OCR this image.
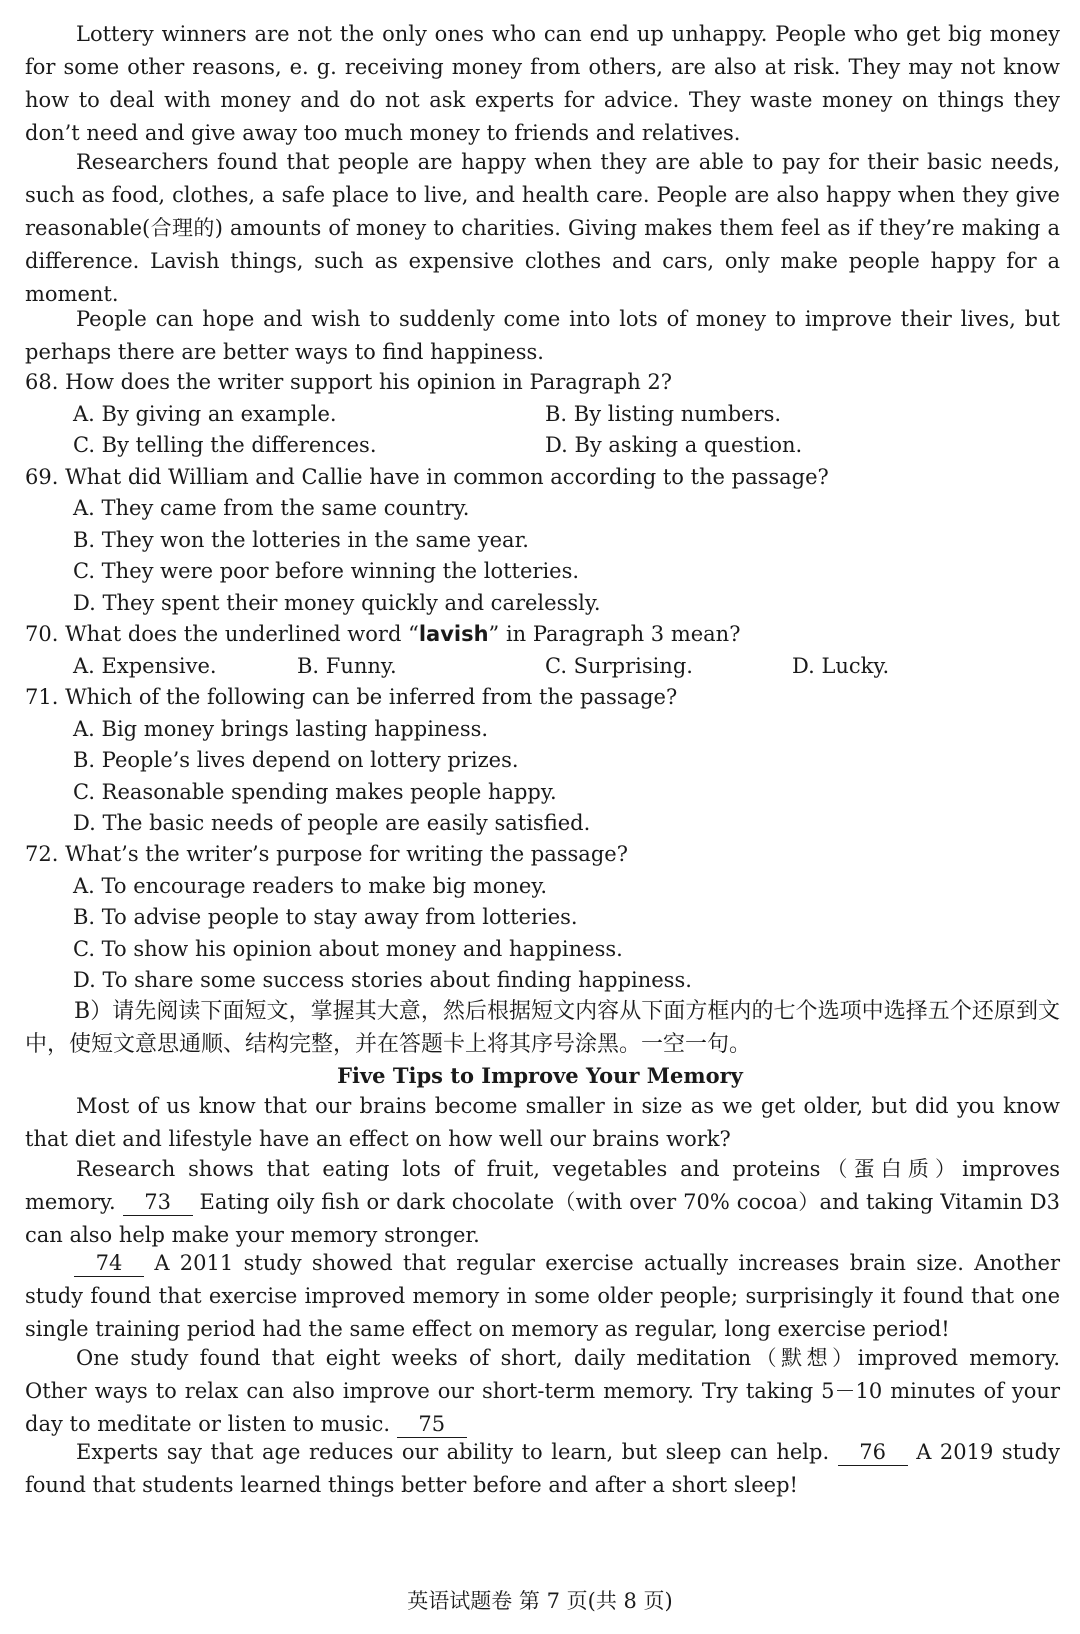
Lottery winners are not the only ones who can end up unhappy. People who get big money for some other reasons, e. g. receiving money from others, are also at risk. They may not know how to deal with money and do not ask experts for advice. They waste money on things they don’t need and give away too much money to friends and relatives.

Researchers found that people are happy when they are able to pay for their basic needs, such as food, clothes, a safe place to live, and health care. People are also happy when they give reasonable(合理的) amounts of money to charities. Giving makes them feel as if they’re making a difference. Lavish things, such as expensive clothes and cars, only make people happy for a moment.

People can hope and wish to suddenly come into lots of money to improve their lives, but perhaps there are better ways to find happiness.

68. How does the writer support his opinion in Paragraph 2?
A. By giving an example.	B. By listing numbers.
C. By telling the differences.	D. By asking a question.
69. What did William and Callie have in common according to the passage?
A. They came from the same country.
B. They won the lotteries in the same year.
C. They were poor before winning the lotteries.
D. They spent their money quickly and carelessly.
70. What does the underlined word “lavish” in Paragraph 3 mean?
A. Expensive.	B. Funny.	C. Surprising.	D. Lucky.
71. Which of the following can be inferred from the passage?
A. Big money brings lasting happiness.
B. People’s lives depend on lottery prizes.
C. Reasonable spending makes people happy.
D. The basic needs of people are easily satisfied.
72. What’s the writer’s purpose for writing the passage?
A. To encourage readers to make big money.
B. To advise people to stay away from lotteries.
C. To show his opinion about money and happiness.
D. To share some success stories about finding happiness.

B）请先阅读下面短文，掌握其大意，然后根据短文内容从下面方框内的七个选项中选择五个还原到文中，使短文意思通顺、结构完整，并在答题卡上将其序号涂黑。一空一句。

Five Tips to Improve Your Memory

Most of us know that our brains become smaller in size as we get older, but did you know that diet and lifestyle have an effect on how well our brains work?

Research shows that eating lots of fruit, vegetables and proteins（蛋白质）improves memory. 73 Eating oily fish or dark chocolate（with over 70% cocoa）and taking Vitamin D3 can also help make your memory stronger.

74 A 2011 study showed that regular exercise actually increases brain size. Another study found that exercise improved memory in some older people; surprisingly it found that one single training period had the same effect on memory as regular, long exercise period!

One study found that eight weeks of short, daily meditation（默想）improved memory. Other ways to relax can also improve our short-term memory. Try taking 5－10 minutes of your day to meditate or listen to music. 75

Experts say that age reduces our ability to learn, but sleep can help. 76 A 2019 study found that students learned things better before and after a short sleep!

英语试题卷 第 7 页(共 8 页)
